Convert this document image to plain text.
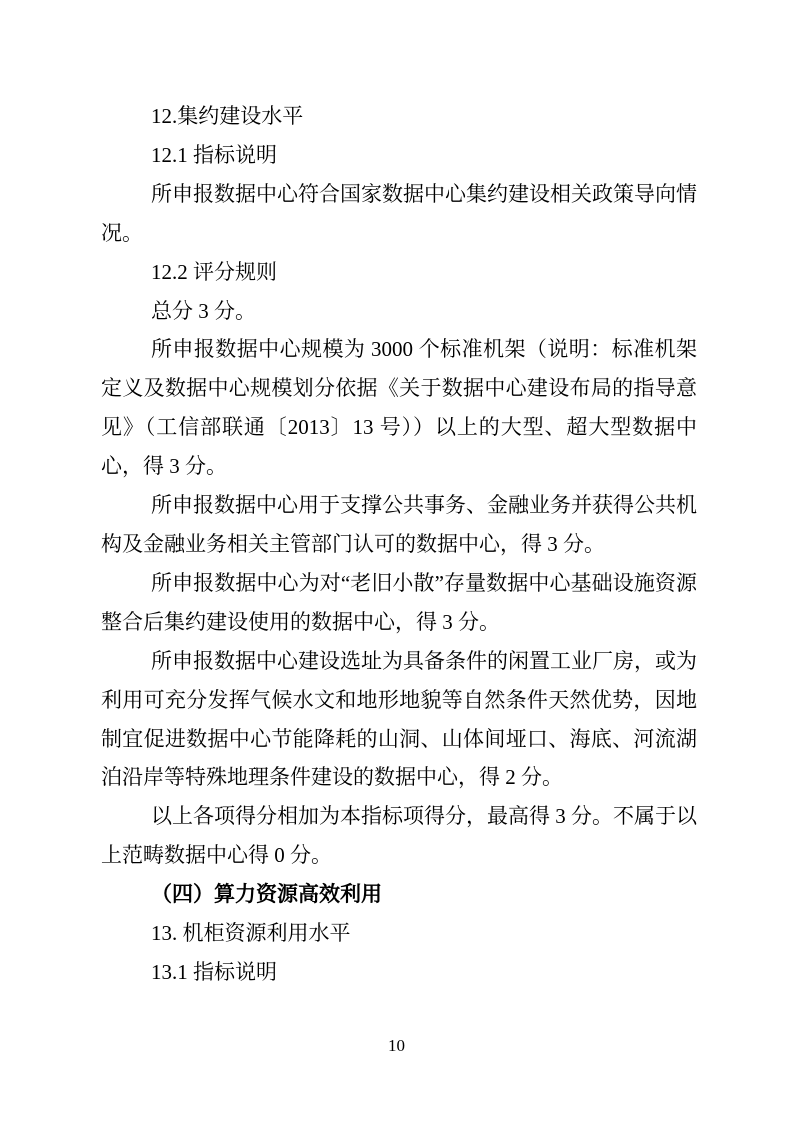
12.集约建设水平

12.1 指标说明

所申报数据中心符合国家数据中心集约建设相关政策导向情况。

12.2 评分规则

总分 3 分。

所申报数据中心规模为 3000 个标准机架（说明：标准机架定义及数据中心规模划分依据《关于数据中心建设布局的指导意见》（工信部联通〔2013〕13 号））以上的大型、超大型数据中心，得 3 分。

所申报数据中心用于支撑公共事务、金融业务并获得公共机构及金融业务相关主管部门认可的数据中心，得 3 分。

所申报数据中心为对“老旧小散”存量数据中心基础设施资源整合后集约建设使用的数据中心，得 3 分。

所申报数据中心建设选址为具备条件的闲置工业厂房，或为利用可充分发挥气候水文和地形地貌等自然条件天然优势，因地制宜促进数据中心节能降耗的山洞、山体间垭口、海底、河流湖泊沿岸等特殊地理条件建设的数据中心，得 2 分。

以上各项得分相加为本指标项得分，最高得 3 分。不属于以上范畴数据中心得 0 分。

（四）算力资源高效利用

13. 机柜资源利用水平

13.1 指标说明

10
